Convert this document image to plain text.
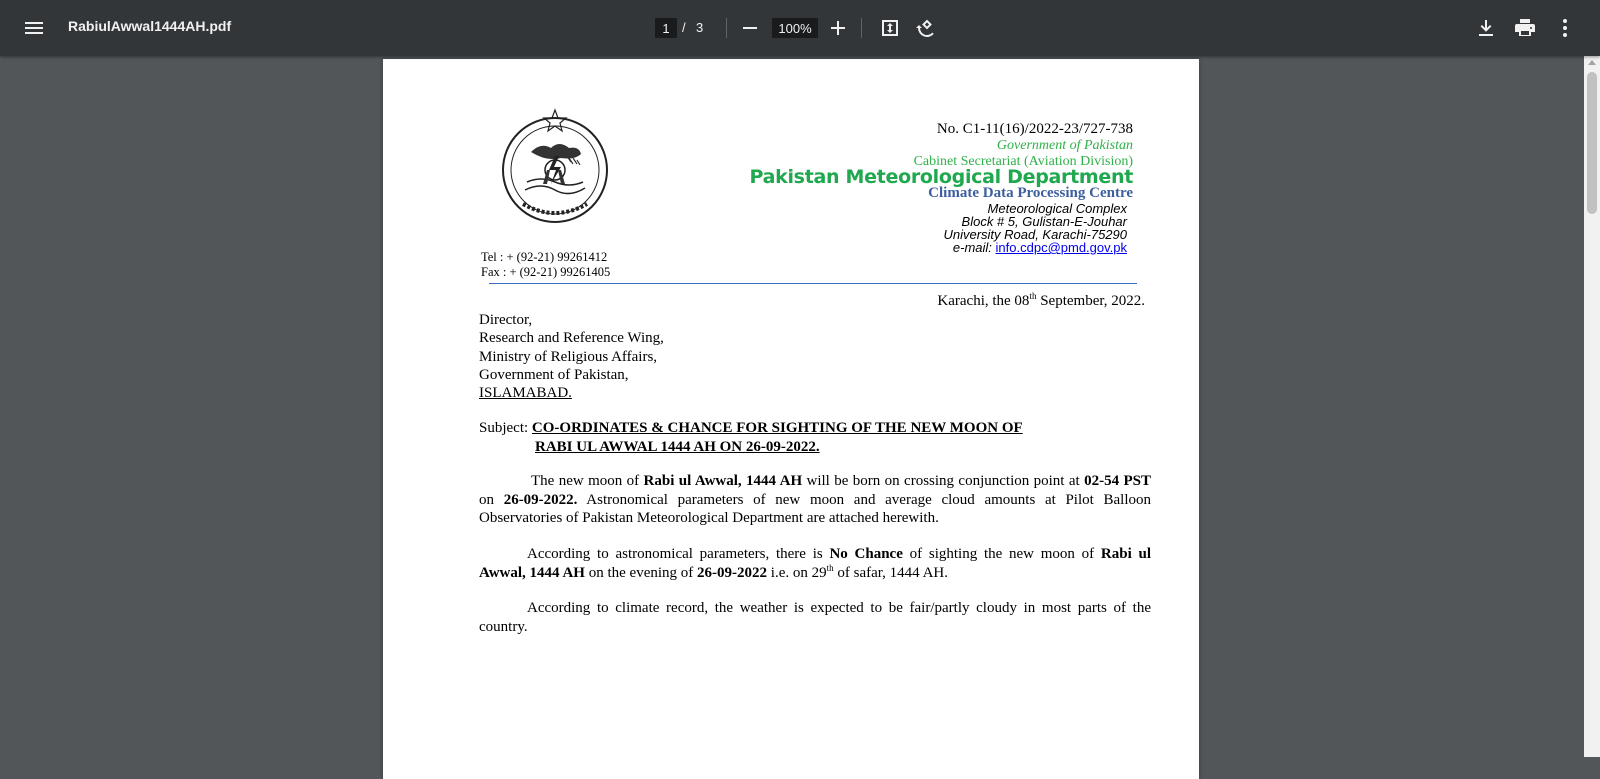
RabiulAwwal1444AH.pdf	1 / 3	100%
No. C1-11(16)/2022-23/727-738
Government of Pakistan
Cabinet Secretariat (Aviation Division)
Pakistan Meteorological Department
Climate Data Processing Centre
Meteorological Complex
Block # 5, Gulistan-E-Jouhar
University Road, Karachi-75290
e-mail: info.cdpc@pmd.gov.pk
Tel : + (92-21) 99261412
Fax : + (92-21) 99261405
Karachi, the 08th September, 2022.
Director,
Research and Reference Wing,
Ministry of Religious Affairs,
Government of Pakistan,
ISLAMABAD.
Subject: CO-ORDINATES & CHANCE FOR SIGHTING OF THE NEW MOON OF
RABI UL AWWAL 1444 AH ON 26-09-2022.
The new moon of Rabi ul Awwal, 1444 AH will be born on crossing conjunction point at 02-54 PST on 26-09-2022. Astronomical parameters of new moon and average cloud amounts at Pilot Balloon Observatories of Pakistan Meteorological Department are attached herewith.
According to astronomical parameters, there is No Chance of sighting the new moon of Rabi ul Awwal, 1444 AH on the evening of 26-09-2022 i.e. on 29th of safar, 1444 AH.
According to climate record, the weather is expected to be fair/partly cloudy in most parts of the country.
